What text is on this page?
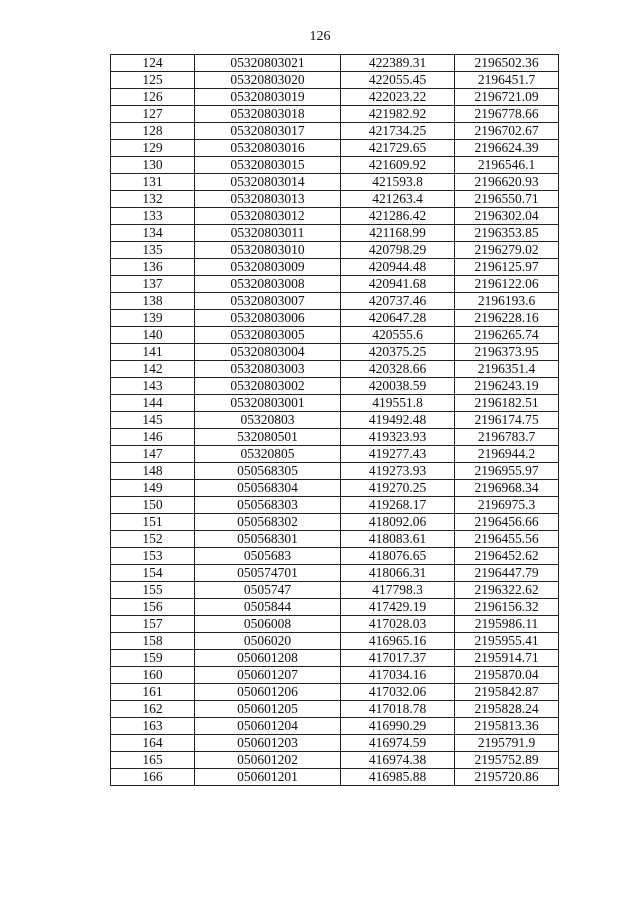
126
124	05320803021	422389.31	2196502.36
125	05320803020	422055.45	2196451.7
126	05320803019	422023.22	2196721.09
127	05320803018	421982.92	2196778.66
128	05320803017	421734.25	2196702.67
129	05320803016	421729.65	2196624.39
130	05320803015	421609.92	2196546.1
131	05320803014	421593.8	2196620.93
132	05320803013	421263.4	2196550.71
133	05320803012	421286.42	2196302.04
134	05320803011	421168.99	2196353.85
135	05320803010	420798.29	2196279.02
136	05320803009	420944.48	2196125.97
137	05320803008	420941.68	2196122.06
138	05320803007	420737.46	2196193.6
139	05320803006	420647.28	2196228.16
140	05320803005	420555.6	2196265.74
141	05320803004	420375.25	2196373.95
142	05320803003	420328.66	2196351.4
143	05320803002	420038.59	2196243.19
144	05320803001	419551.8	2196182.51
145	05320803	419492.48	2196174.75
146	532080501	419323.93	2196783.7
147	05320805	419277.43	2196944.2
148	050568305	419273.93	2196955.97
149	050568304	419270.25	2196968.34
150	050568303	419268.17	2196975.3
151	050568302	418092.06	2196456.66
152	050568301	418083.61	2196455.56
153	0505683	418076.65	2196452.62
154	050574701	418066.31	2196447.79
155	0505747	417798.3	2196322.62
156	0505844	417429.19	2196156.32
157	0506008	417028.03	2195986.11
158	0506020	416965.16	2195955.41
159	050601208	417017.37	2195914.71
160	050601207	417034.16	2195870.04
161	050601206	417032.06	2195842.87
162	050601205	417018.78	2195828.24
163	050601204	416990.29	2195813.36
164	050601203	416974.59	2195791.9
165	050601202	416974.38	2195752.89
166	050601201	416985.88	2195720.86
